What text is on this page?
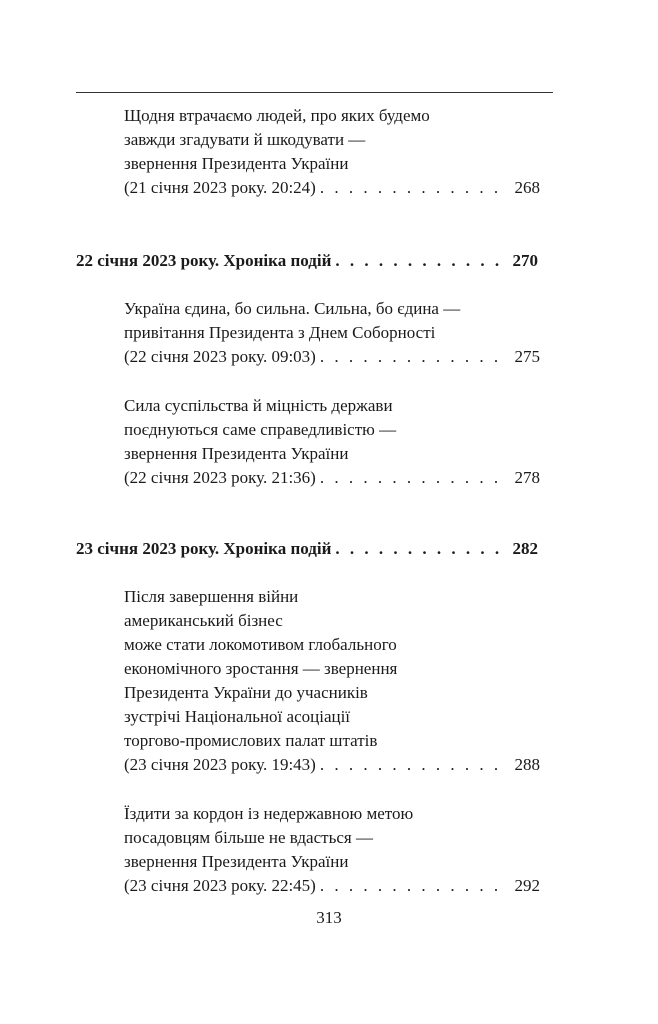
Щодня втрачаємо людей, про яких будемо
завжди згадувати й шкодувати —
звернення Президента України
(21 січня 2023 року. 20:24) . . .	268
22 січня 2023 року. Хроніка подій . . .	270
Україна єдина, бо сильна. Сильна, бо єдина —
привітання Президента з Днем Соборності
(22 січня 2023 року. 09:03) . . .	275
Сила суспільства й міцність держави
поєднуються саме справедливістю —
звернення Президента України
(22 січня 2023 року. 21:36) . . .	278
23 січня 2023 року. Хроніка подій . . .	282
Після завершення війни
американський бізнес
може стати локомотивом глобального
економічного зростання — звернення
Президента України до учасників
зустрічі Національної асоціації
торгово-промислових палат штатів
(23 січня 2023 року. 19:43) . . .	288
Їздити за кордон із недержавною метою
посадовцям більше не вдасться —
звернення Президента України
(23 січня 2023 року. 22:45) . . .	292
313
